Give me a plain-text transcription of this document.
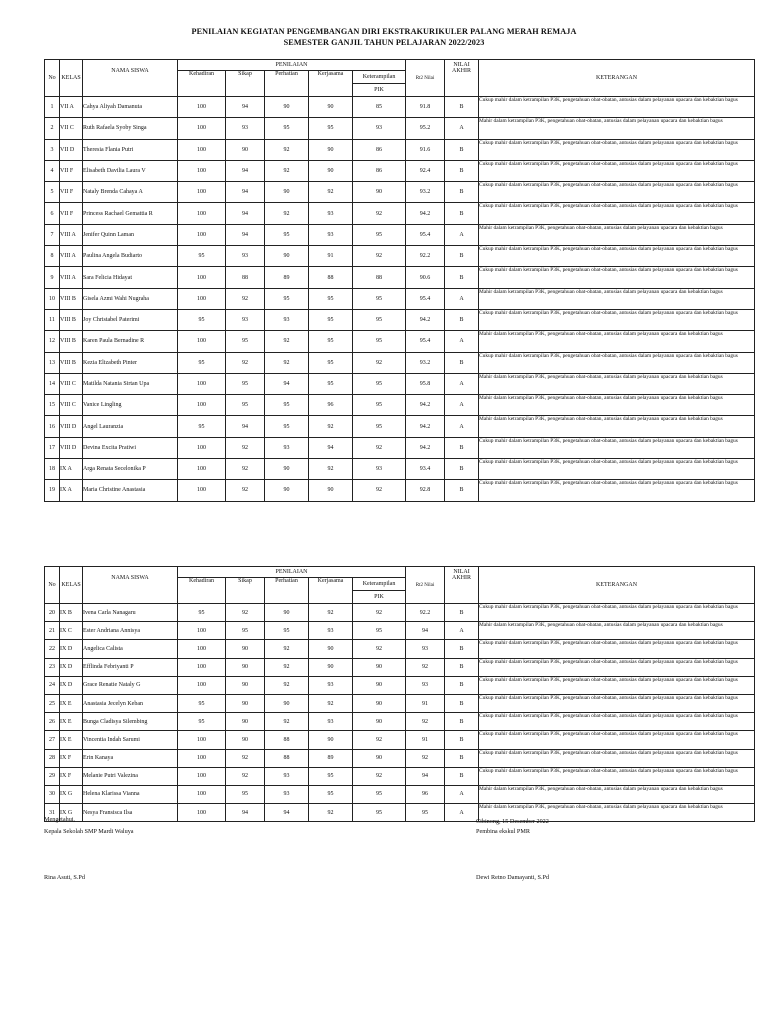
PENILAIAN KEGIATAN PENGEMBANGAN DIRI EKSTRAKURIKULER PALANG MERAH REMAJA
SEMESTER GANJIL TAHUN PELAJARAN 2022/2023
No	KELAS	NAMA SISWA	PENILAIAN					Rt2 Nilai	NILAI AKHIR	KETERANGAN
			Kehadiran	Sikap	Perhatian	Kerjasama	Keterampilan			
							PIK			
1	VII A	Cahya Aliyah Damanuta	100	94	90	90	85	91.8	B	Cukup mahir dalam ketrampilan P3K, pengetahuan obat-obatan, antusias dalam pelayanan upacara dan kebaktian bagus
2	VII C	Ruth Rafaela Syoby Singa	100	93	95	95	93	95.2	A	Mahir dalam ketrampilan P3K, pengetahuan obat-obatan, antusias dalam pelayanan upacara dan kebaktian bagus
3	VII D	Theresia Flania Putri	100	90	92	90	86	91.6	B	Cukup mahir dalam ketrampilan P3K, pengetahuan obat-obatan, antusias dalam pelayanan upacara dan kebaktian bagus
4	VII F	Elisabeth Davilia Laura V	100	94	92	90	86	92.4	B	Cukup mahir dalam ketrampilan P3K, pengetahuan obat-obatan, antusias dalam pelayanan upacara dan kebaktian bagus
5	VII F	Nataly Brenda Cahaya A	100	94	90	92	90	93.2	B	Cukup mahir dalam ketrampilan P3K, pengetahuan obat-obatan, antusias dalam pelayanan upacara dan kebaktian bagus
6	VII F	Princess Rachael Gemattia R	100	94	92	93	92	94.2	B	Cukup mahir dalam ketrampilan P3K, pengetahuan obat-obatan, antusias dalam pelayanan upacara dan kebaktian bagus
7	VIII A	Jenifer Quinn Laman	100	94	95	93	95	95.4	A	Mahir dalam ketrampilan P3K, pengetahuan obat-obatan, antusias dalam pelayanan upacara dan kebaktian bagus
8	VIII A	Paulina Angela Budiarto	95	93	90	91	92	92.2	B	Cukup mahir dalam ketrampilan P3K, pengetahuan obat-obatan, antusias dalam pelayanan upacara dan kebaktian bagus
9	VIII A	Sara Felicia Hidayat	100	88	89	88	88	90.6	B	Cukup mahir dalam ketrampilan P3K, pengetahuan obat-obatan, antusias dalam pelayanan upacara dan kebaktian bagus
10	VIII B	Gisela Azmi Wahi Nugraha	100	92	95	95	95	95.4	A	Mahir dalam ketrampilan P3K, pengetahuan obat-obatan, antusias dalam pelayanan upacara dan kebaktian bagus
11	VIII B	Joy Christabel Paterimi	95	93	93	95	95	94.2	B	Cukup mahir dalam ketrampilan P3K, pengetahuan obat-obatan, antusias dalam pelayanan upacara dan kebaktian bagus
12	VIII B	Karen Paula Bernadine R	100	95	92	95	95	95.4	A	Mahir dalam ketrampilan P3K, pengetahuan obat-obatan, antusias dalam pelayanan upacara dan kebaktian bagus
13	VIII B	Kezia Elizabeth Pinter	95	92	92	95	92	93.2	B	Cukup mahir dalam ketrampilan P3K, pengetahuan obat-obatan, antusias dalam pelayanan upacara dan kebaktian bagus
14	VIII C	Matilda Natania Sirtan Upa	100	95	94	95	95	95.8	A	Mahir dalam ketrampilan P3K, pengetahuan obat-obatan, antusias dalam pelayanan upacara dan kebaktian bagus
15	VIII C	Vanice Lingling	100	95	95	96	95	94.2	A	Mahir dalam ketrampilan P3K, pengetahuan obat-obatan, antusias dalam pelayanan upacara dan kebaktian bagus
16	VIII D	Angel Lauranzia	95	94	95	92	95	94.2	A	Mahir dalam ketrampilan P3K, pengetahuan obat-obatan, antusias dalam pelayanan upacara dan kebaktian bagus
17	VIII D	Devina Excita Pratiwi	100	92	93	94	92	94.2	B	Cukup mahir dalam ketrampilan P3K, pengetahuan obat-obatan, antusias dalam pelayanan upacara dan kebaktian bagus
18	IX A	Arga Renata Secelonika P	100	92	90	92	93	93.4	B	Cukup mahir dalam ketrampilan P3K, pengetahuan obat-obatan, antusias dalam pelayanan upacara dan kebaktian bagus
19	IX A	Maria Christine Anastasia	100	92	90	90	92	92.8	B	Cukup mahir dalam ketrampilan P3K, pengetahuan obat-obatan, antusias dalam pelayanan upacara dan kebaktian bagus
No	KELAS	NAMA SISWA	PENILAIAN					Rt2 Nilai	NILAI AKHIR	KETERANGAN
			Kehadiran	Sikap	Perhatian	Kerjasama	Keterampilan			
							PIK			
20	IX B	Ivena Carla Nanagaru	95	92	90	92	92	92.2	B	Cukup mahir dalam ketrampilan P3K, pengetahuan obat-obatan, antusias dalam pelayanan upacara dan kebaktian bagus
21	IX C	Ester Andriana Annisya	100	95	95	93	95	94	A	Mahir dalam ketrampilan P3K, pengetahuan obat-obatan, antusias dalam pelayanan upacara dan kebaktian bagus
22	IX D	Angelica Calista	100	90	92	90	92	93	B	Cukup mahir dalam ketrampilan P3K, pengetahuan obat-obatan, antusias dalam pelayanan upacara dan kebaktian bagus
23	IX D	Efflinda Febriyanti P	100	90	92	90	90	92	B	Cukup mahir dalam ketrampilan P3K, pengetahuan obat-obatan, antusias dalam pelayanan upacara dan kebaktian bagus
24	IX D	Grace Renatie Nataly G	100	90	92	93	90	93	B	Cukup mahir dalam ketrampilan P3K, pengetahuan obat-obatan, antusias dalam pelayanan upacara dan kebaktian bagus
25	IX E	Anastasia Jecelyn Keban	95	90	90	92	90	91	B	Cukup mahir dalam ketrampilan P3K, pengetahuan obat-obatan, antusias dalam pelayanan upacara dan kebaktian bagus
26	IX E	Bunga Cladisya Silembing	95	90	92	93	90	92	B	Cukup mahir dalam ketrampilan P3K, pengetahuan obat-obatan, antusias dalam pelayanan upacara dan kebaktian bagus
27	IX E	Vincentia Indah Sarumi	100	90	88	90	92	91	B	Cukup mahir dalam ketrampilan P3K, pengetahuan obat-obatan, antusias dalam pelayanan upacara dan kebaktian bagus
28	IX F	Erin Kanaya	100	92	88	89	90	92	B	Cukup mahir dalam ketrampilan P3K, pengetahuan obat-obatan, antusias dalam pelayanan upacara dan kebaktian bagus
29	IX F	Melanie Putri Valezina	100	92	93	95	92	94	B	Cukup mahir dalam ketrampilan P3K, pengetahuan obat-obatan, antusias dalam pelayanan upacara dan kebaktian bagus
30	IX G	Helena Klarissa Vianna	100	95	93	95	95	96	A	Mahir dalam ketrampilan P3K, pengetahuan obat-obatan, antusias dalam pelayanan upacara dan kebaktian bagus
31	IX G	Nesya Fransisca Ilsa	100	94	94	92	95	95	A	Mahir dalam ketrampilan P3K, pengetahuan obat-obatan, antusias dalam pelayanan upacara dan kebaktian bagus
Mengetahui,
Kepala Sekolah SMP Mardi Waluya
Rina Asuti, S.Pd
Cibinong, 15 Desember 2022
Pembina ekskul PMR
Dewi Retno Damayanti, S.Pd
